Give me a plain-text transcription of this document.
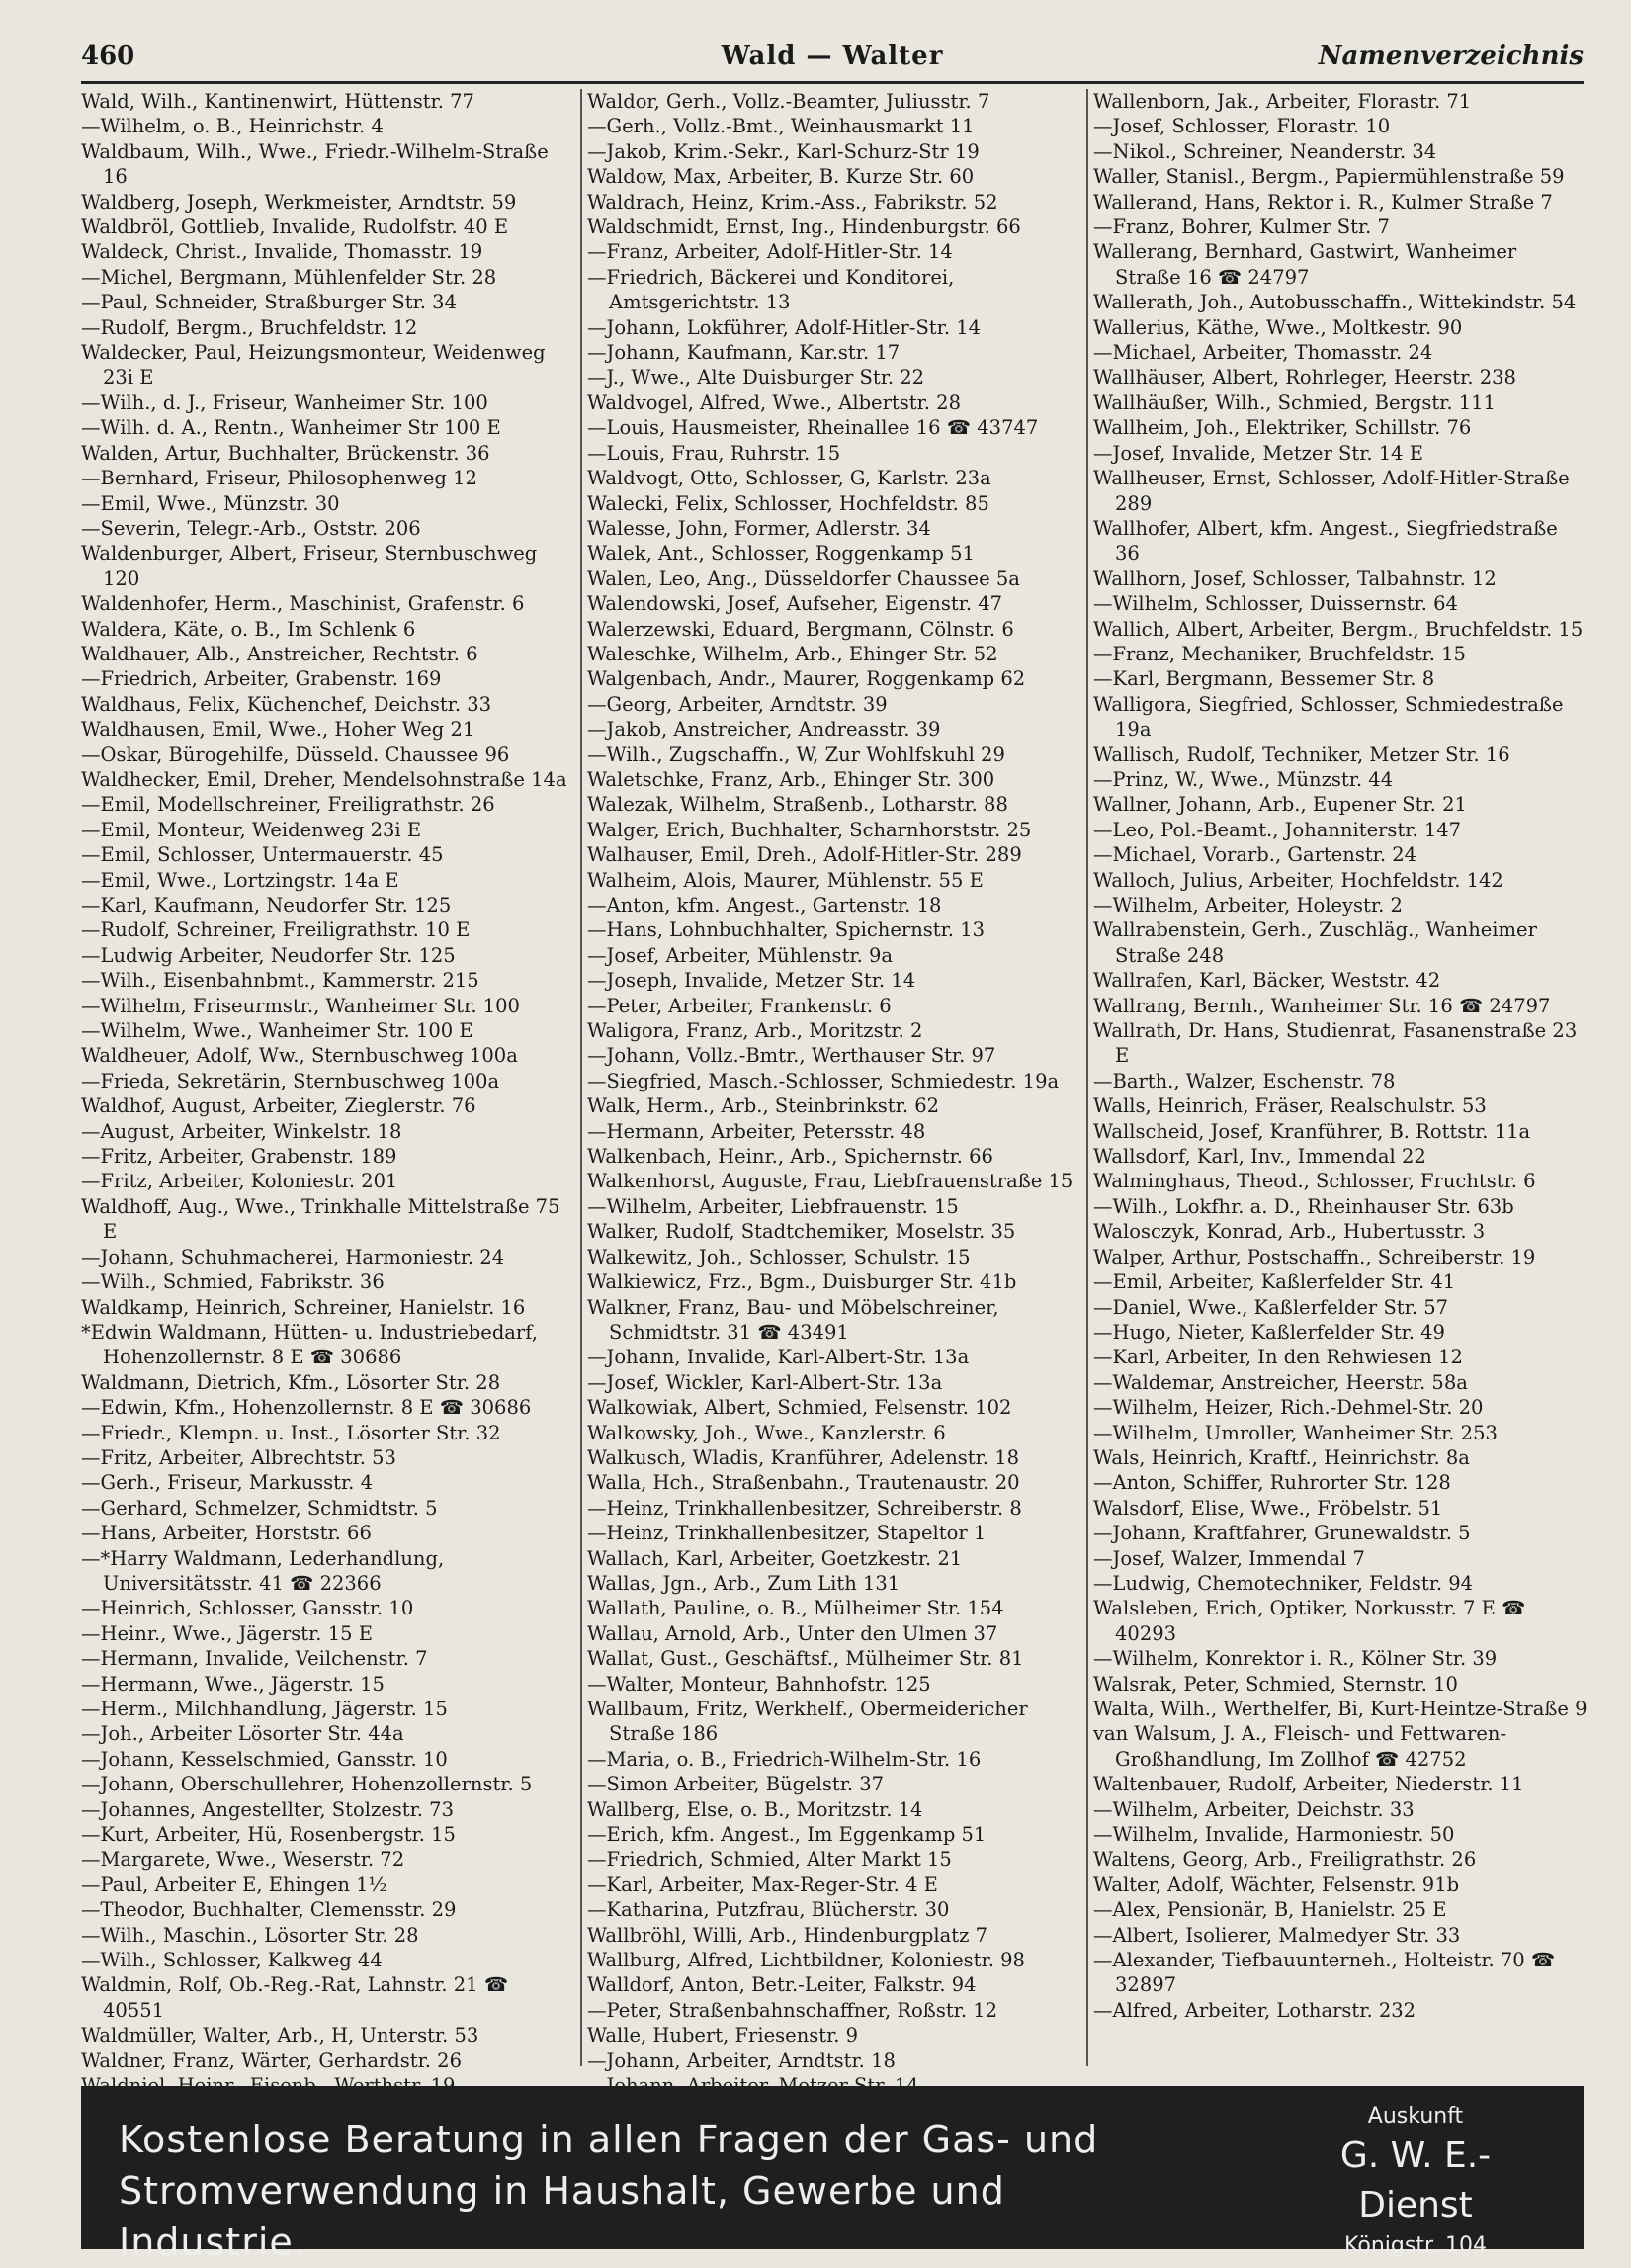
460	Wald — Walter	Namenverzeichnis

Wald, Wilh., Kantinenwirt, Hüttenstr. 77

—Wilhelm, o. B., Heinrichstr. 4

Waldbaum, Wilh., Wwe., Friedr.-Wilhelm-Straße 16

Waldberg, Joseph, Werkmeister, Arndtstr. 59

Waldbröl, Gottlieb, Invalide, Rudolfstr. 40 E

Waldeck, Christ., Invalide, Thomasstr. 19

—Michel, Bergmann, Mühlenfelder Str. 28

—Paul, Schneider, Straßburger Str. 34

—Rudolf, Bergm., Bruchfeldstr. 12

Waldecker, Paul, Heizungsmonteur, Weidenweg 23i E

—Wilh., d. J., Friseur, Wanheimer Str. 100

—Wilh. d. A., Rentn., Wanheimer Str 100 E

Walden, Artur, Buchhalter, Brückenstr. 36

—Bernhard, Friseur, Philosophenweg 12

—Emil, Wwe., Münzstr. 30

—Severin, Telegr.-Arb., Oststr. 206

Waldenburger, Albert, Friseur, Sternbuschweg 120

Waldenhofer, Herm., Maschinist, Grafenstr. 6

Waldera, Käte, o. B., Im Schlenk 6

Waldhauer, Alb., Anstreicher, Rechtstr. 6

—Friedrich, Arbeiter, Grabenstr. 169

Waldhaus, Felix, Küchenchef, Deichstr. 33

Waldhausen, Emil, Wwe., Hoher Weg 21

—Oskar, Bürogehilfe, Düsseld. Chaussee 96

Waldhecker, Emil, Dreher, Mendelsohnstraße 14a

—Emil, Modellschreiner, Freiligrathstr. 26

—Emil, Monteur, Weidenweg 23i E

—Emil, Schlosser, Untermauerstr. 45

—Emil, Wwe., Lortzingstr. 14a E

—Karl, Kaufmann, Neudorfer Str. 125

—Rudolf, Schreiner, Freiligrathstr. 10 E

—Ludwig Arbeiter, Neudorfer Str. 125

—Wilh., Eisenbahnbmt., Kammerstr. 215

—Wilhelm, Friseurmstr., Wanheimer Str. 100

—Wilhelm, Wwe., Wanheimer Str. 100 E

Waldheuer, Adolf, Ww., Sternbuschweg 100a

—Frieda, Sekretärin, Sternbuschweg 100a

Waldhof, August, Arbeiter, Zieglerstr. 76

—August, Arbeiter, Winkelstr. 18

—Fritz, Arbeiter, Grabenstr. 189

—Fritz, Arbeiter, Koloniestr. 201

Waldhoff, Aug., Wwe., Trinkhalle Mittelstraße 75 E

—Johann, Schuhmacherei, Harmoniestr. 24

—Wilh., Schmied, Fabrikstr. 36

Waldkamp, Heinrich, Schreiner, Hanielstr. 16

*Edwin Waldmann, Hütten- u. Industriebedarf, Hohenzollernstr. 8 E ☎ 30686

Waldmann, Dietrich, Kfm., Lösorter Str. 28

—Edwin, Kfm., Hohenzollernstr. 8 E ☎ 30686

—Friedr., Klempn. u. Inst., Lösorter Str. 32

—Fritz, Arbeiter, Albrechtstr. 53

—Gerh., Friseur, Markusstr. 4

—Gerhard, Schmelzer, Schmidtstr. 5

—Hans, Arbeiter, Horststr. 66

—*Harry Waldmann, Lederhandlung, Universitätsstr. 41 ☎ 22366

—Heinrich, Schlosser, Gansstr. 10

—Heinr., Wwe., Jägerstr. 15 E

—Hermann, Invalide, Veilchenstr. 7

—Hermann, Wwe., Jägerstr. 15

—Herm., Milchhandlung, Jägerstr. 15

—Joh., Arbeiter Lösorter Str. 44a

—Johann, Kesselschmied, Gansstr. 10

—Johann, Oberschullehrer, Hohenzollernstr. 5

—Johannes, Angestellter, Stolzestr. 73

—Kurt, Arbeiter, Hü, Rosenbergstr. 15

—Margarete, Wwe., Weserstr. 72

—Paul, Arbeiter E, Ehingen 1½

—Theodor, Buchhalter, Clemensstr. 29

—Wilh., Maschin., Lösorter Str. 28

—Wilh., Schlosser, Kalkweg 44

Waldmin, Rolf, Ob.-Reg.-Rat, Lahnstr. 21 ☎ 40551

Waldmüller, Walter, Arb., H, Unterstr. 53

Waldner, Franz, Wärter, Gerhardstr. 26

Waldor, Gerh., Vollz.-Beamter, Juliusstr. 7

—Gerh., Vollz.-Bmt., Weinhausmarkt 11

—Jakob, Krim.-Sekr., Karl-Schurz-Str 19

Waldow, Max, Arbeiter, B. Kurze Str. 60

Waldrach, Heinz, Krim.-Ass., Fabrikstr. 52

Waldschmidt, Ernst, Ing., Hindenburgstr. 66

—Franz, Arbeiter, Adolf-Hitler-Str. 14

—Friedrich, Bäckerei und Konditorei, Amtsgerichtstr. 13

—Johann, Lokführer, Adolf-Hitler-Str. 14

—Johann, Kaufmann, Kar.str. 17

—J., Wwe., Alte Duisburger Str. 22

Waldvogel, Alfred, Wwe., Albertstr. 28

—Louis, Hausmeister, Rheinallee 16 ☎ 43747

—Louis, Frau, Ruhrstr. 15

Waldvogt, Otto, Schlosser, G, Karlstr. 23a

Walecki, Felix, Schlosser, Hochfeldstr. 85

Walesse, John, Former, Adlerstr. 34

Walek, Ant., Schlosser, Roggenkamp 51

Walen, Leo, Ang., Düsseldorfer Chaussee 5a

Walendowski, Josef, Aufseher, Eigenstr. 47

Walerzewski, Eduard, Bergmann, Cölnstr. 6

Waleschke, Wilhelm, Arb., Ehinger Str. 52

Walgenbach, Andr., Maurer, Roggenkamp 62

—Georg, Arbeiter, Arndtstr. 39

—Jakob, Anstreicher, Andreasstr. 39

—Wilh., Zugschaffn., W, Zur Wohlfskuhl 29

Waletschke, Franz, Arb., Ehinger Str. 300

Walezak, Wilhelm, Straßenb., Lotharstr. 88

Walger, Erich, Buchhalter, Scharnhorststr. 25

Walhauser, Emil, Dreh., Adolf-Hitler-Str. 289

Walheim, Alois, Maurer, Mühlenstr. 55 E

—Anton, kfm. Angest., Gartenstr. 18

—Hans, Lohnbuchhalter, Spichernstr. 13

—Josef, Arbeiter, Mühlenstr. 9a

—Joseph, Invalide, Metzer Str. 14

—Peter, Arbeiter, Frankenstr. 6

Waligora, Franz, Arb., Moritzstr. 2

—Johann, Vollz.-Bmtr., Werthauser Str. 97

—Siegfried, Masch.-Schlosser, Schmiedestr. 19a

Walk, Herm., Arb., Steinbrinkstr. 62

—Hermann, Arbeiter, Petersstr. 48

Walkenbach, Heinr., Arb., Spichernstr. 66

Walkenhorst, Auguste, Frau, Liebfrauenstraße 15

—Wilhelm, Arbeiter, Liebfrauenstr. 15

Walker, Rudolf, Stadtchemiker, Moselstr. 35

Walkewitz, Joh., Schlosser, Schulstr. 15

Walkiewicz, Frz., Bgm., Duisburger Str. 41b

Walkner, Franz, Bau- und Möbelschreiner, Schmidtstr. 31 ☎ 43491

—Johann, Invalide, Karl-Albert-Str. 13a

—Josef, Wickler, Karl-Albert-Str. 13a

Walkowiak, Albert, Schmied, Felsenstr. 102

Walkowsky, Joh., Wwe., Kanzlerstr. 6

Walkusch, Wladis, Kranführer, Adelenstr. 18

Walla, Hch., Straßenbahn., Trautenaustr. 20

—Heinz, Trinkhallenbesitzer, Schreiberstr. 8

—Heinz, Trinkhallenbesitzer, Stapeltor 1

Wallach, Karl, Arbeiter, Goetzkestr. 21

Wallas, Jgn., Arb., Zum Lith 131

Wallath, Pauline, o. B., Mülheimer Str. 154

Wallau, Arnold, Arb., Unter den Ulmen 37

Wallat, Gust., Geschäftsf., Mülheimer Str. 81

—Walter, Monteur, Bahnhofstr. 125

Wallbaum, Fritz, Werkhelf., Obermeidericher Straße 186

—Maria, o. B., Friedrich-Wilhelm-Str. 16

—Simon Arbeiter, Bügelstr. 37

Wallberg, Else, o. B., Moritzstr. 14

—Erich, kfm. Angest., Im Eggenkamp 51

—Friedrich, Schmied, Alter Markt 15

—Karl, Arbeiter, Max-Reger-Str. 4 E

—Katharina, Putzfrau, Blücherstr. 30

Wallbröhl, Willi, Arb., Hindenburgplatz 7

Wallburg, Alfred, Lichtbildner, Koloniestr. 98

Walldorf, Anton, Betr.-Leiter, Falkstr. 94

—Peter, Straßenbahnschaffner, Roßstr. 12

Walle, Hubert, Friesenstr. 9

—Johann, Arbeiter, Arndtstr. 18

Wallenborn, Jak., Arbeiter, Florastr. 71

—Josef, Schlosser, Florastr. 10

—Nikol., Schreiner, Neanderstr. 34

Waller, Stanisl., Bergm., Papiermühlenstraße 59

Wallerand, Hans, Rektor i. R., Kulmer Straße 7

—Franz, Bohrer, Kulmer Str. 7

Wallerang, Bernhard, Gastwirt, Wanheimer Straße 16 ☎ 24797

Wallerath, Joh., Autobusschaffn., Wittekindstr. 54

Wallerius, Käthe, Wwe., Moltkestr. 90

—Michael, Arbeiter, Thomasstr. 24

Wallhäuser, Albert, Rohrleger, Heerstr. 238

Wallhäußer, Wilh., Schmied, Bergstr. 111

Wallheim, Joh., Elektriker, Schillstr. 76

—Josef, Invalide, Metzer Str. 14 E

Wallheuser, Ernst, Schlosser, Adolf-Hitler-Straße 289

Wallhofer, Albert, kfm. Angest., Siegfriedstraße 36

Wallhorn, Josef, Schlosser, Talbahnstr. 12

—Wilhelm, Schlosser, Duissernstr. 64

Wallich, Albert, Arbeiter, Bergm., Bruchfeldstr. 15

—Franz, Mechaniker, Bruchfeldstr. 15

—Karl, Bergmann, Bessemer Str. 8

Walligora, Siegfried, Schlosser, Schmiedestraße 19a

Wallisch, Rudolf, Techniker, Metzer Str. 16

—Prinz, W., Wwe., Münzstr. 44

Wallner, Johann, Arb., Eupener Str. 21

—Leo, Pol.-Beamt., Johanniterstr. 147

—Michael, Vorarb., Gartenstr. 24

Walloch, Julius, Arbeiter, Hochfeldstr. 142

—Wilhelm, Arbeiter, Holeystr. 2

Wallrabenstein, Gerh., Zuschläg., Wanheimer Straße 248

Wallrafen, Karl, Bäcker, Weststr. 42

Wallrang, Bernh., Wanheimer Str. 16 ☎ 24797

Wallrath, Dr. Hans, Studienrat, Fasanenstraße 23 E

—Barth., Walzer, Eschenstr. 78

Walls, Heinrich, Fräser, Realschulstr. 53

Wallscheid, Josef, Kranführer, B. Rottstr. 11a

Wallsdorf, Karl, Inv., Immendal 22

Walminghaus, Theod., Schlosser, Fruchtstr. 6

—Wilh., Lokfhr. a. D., Rheinhauser Str. 63b

Walosczyk, Konrad, Arb., Hubertusstr. 3

Walper, Arthur, Postschaffn., Schreiberstr. 19

—Emil, Arbeiter, Kaßlerfelder Str. 41

—Daniel, Wwe., Kaßlerfelder Str. 57

—Hugo, Nieter, Kaßlerfelder Str. 49

—Karl, Arbeiter, In den Rehwiesen 12

—Waldemar, Anstreicher, Heerstr. 58a

—Wilhelm, Heizer, Rich.-Dehmel-Str. 20

—Wilhelm, Umroller, Wanheimer Str. 253

Wals, Heinrich, Kraftf., Heinrichstr. 8a

—Anton, Schiffer, Ruhrorter Str. 128

Walsdorf, Elise, Wwe., Fröbelstr. 51

—Johann, Kraftfahrer, Grunewaldstr. 5

—Josef, Walzer, Immendal 7

—Ludwig, Chemotechniker, Feldstr. 94

Walsleben, Erich, Optiker, Norkusstr. 7 E ☎ 40293

—Wilhelm, Konrektor i. R., Kölner Str. 39

Walsrak, Peter, Schmied, Sternstr. 10

Walta, Wilh., Werthelfer, Bi, Kurt-Heintze-Straße 9

van Walsum, J. A., Fleisch- und Fettwaren-Großhandlung, Im Zollhof ☎ 42752

Waltenbauer, Rudolf, Arbeiter, Niederstr. 11

—Wilhelm, Arbeiter, Deichstr. 33

—Wilhelm, Invalide, Harmoniestr. 50

Waltens, Georg, Arb., Freiligrathstr. 26

Walter, Adolf, Wächter, Felsenstr. 91b

—Alex, Pensionär, B, Hanielstr. 25 E

—Albert, Isolierer, Malmedyer Str. 33

—Alexander, Tiefbauunterneh., Holteistr. 70 ☎ 32897

—Alfred, Arbeiter, Lotharstr. 232

Kostenlose Beratung in allen Fragen der Gas- und
Stromverwendung in Haushalt, Gewerbe und Industrie.
Auskunft
G. W. E.-Dienst
Königstr. 104
